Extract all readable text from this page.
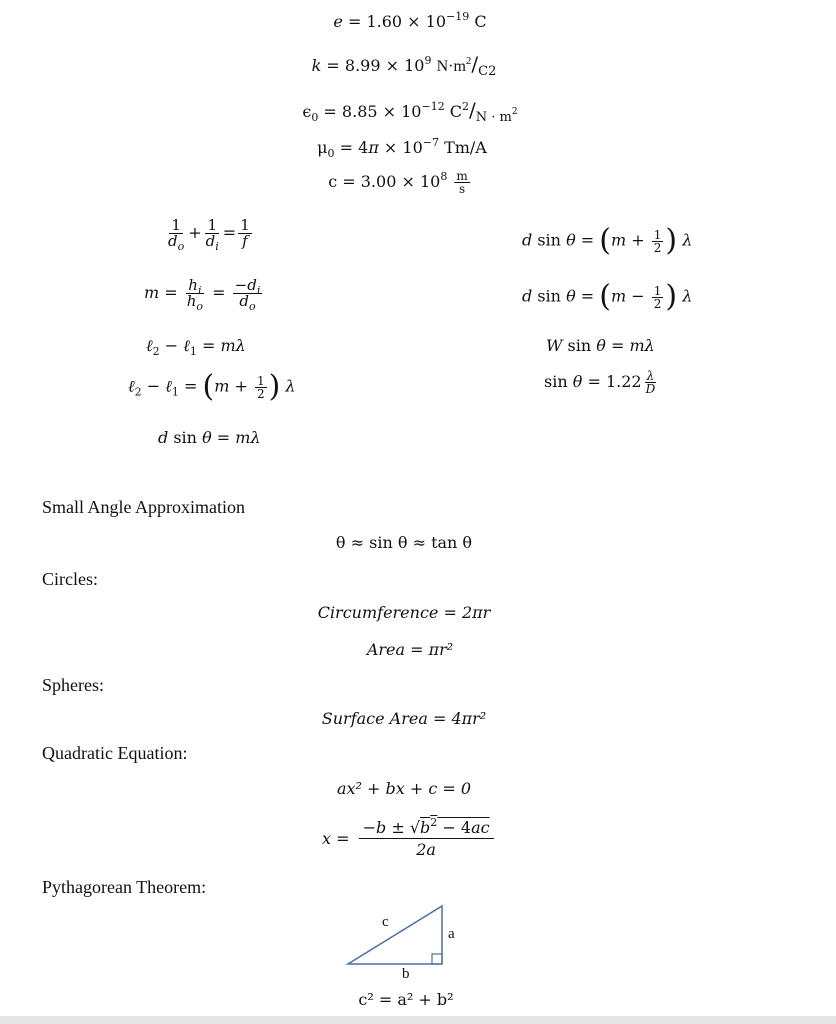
$e = 1.60 \times 10^{-19}$ C
$k = 8.99 \times 10^9$ $N\cdot m^2/_{C2}$
$\epsilon_0 = 8.85 \times 10^{-12}$ $C^2/_{N \cdot m^2}$
$\mu_0 = 4\pi \times 10^{-7}$ Tm/A
$c = 3.00 \times 10^8 \frac{m}{s}$
$\frac{1}{d_o} + \frac{1}{d_i} = \frac{1}{f}$
$m = \frac{h_i}{h_o} = \frac{-d_i}{d_o}$
ℓ$_2$ − ℓ$_1$ = mλ
ℓ$_2$ − ℓ$_1$ = ($m + \frac{1}{2}$ ) λ
d sin θ = mλ
d $\sin \theta = (m + \frac{1}{2}$ ) λ
d $\sin \theta = (m - \frac{1}{2}$ ) λ
W sin θ = mλ
$\sin \theta = 1.22 \frac{\lambda}{D}$
Small Angle Approximation
θ ≈ sin θ ≈ tan θ
Circles:
Circumference = 2πr
Area = πr²
Spheres:
Surface Area = 4πr²
Quadratic Equation:
ax² + bx + c = 0
$x = \frac{-b \pm √b^2 - 4ac}{2a}$
Pythagorean Theorem:
c
a
b
c² = a² + b²
